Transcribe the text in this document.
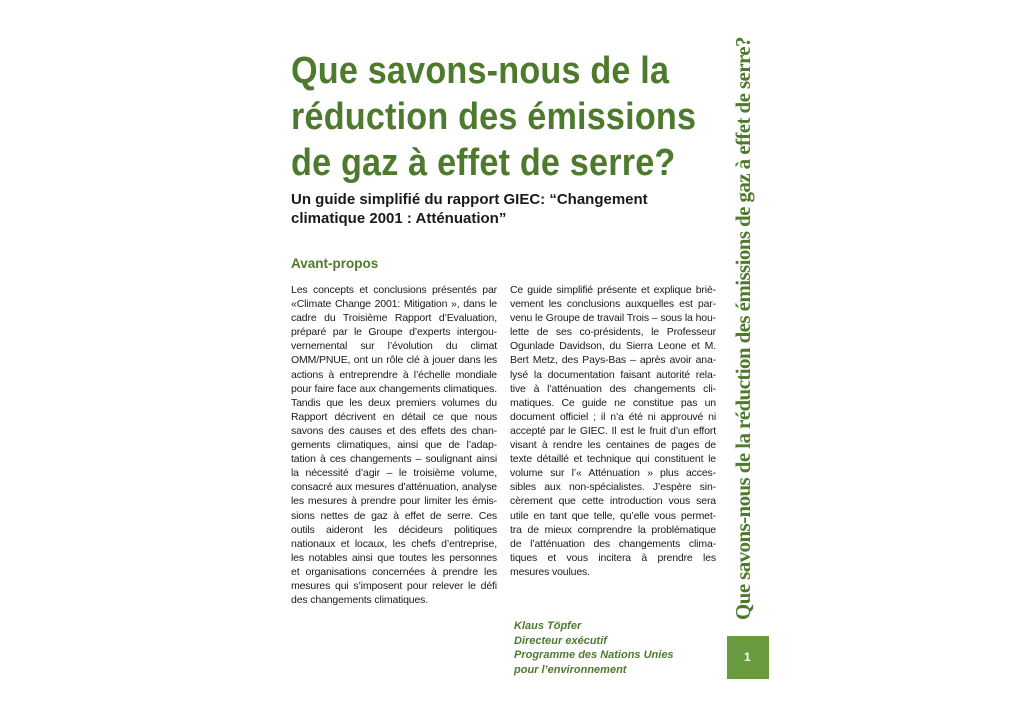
Que savons-nous de la
réduction des émissions
de gaz à effet de serre?
Un guide simplifié du rapport GIEC: “Changement
climatique 2001 : Atténuation”
Avant-propos
Les concepts et conclusions présentés par
«Climate Change 2001: Mitigation », dans le
cadre du Troisième Rapport d’Evaluation,
préparé par le Groupe d’experts intergou-
vernemental sur l’évolution du climat
OMM/PNUE, ont un rôle clé à jouer dans les
actions à entreprendre à l’échelle mondiale
pour faire face aux changements climatiques.
Tandis que les deux premiers volumes du
Rapport décrivent en détail ce que nous
savons des causes et des effets des chan-
gements climatiques, ainsi que de l’adap-
tation à ces changements – soulignant ainsi
la nécessité d’agir – le troisième volume,
consacré aux mesures d’atténuation, analyse
les mesures à prendre pour limiter les émis-
sions nettes de gaz à effet de serre. Ces
outils aideront les décideurs politiques
nationaux et locaux, les chefs d’entreprise,
les notables ainsi que toutes les personnes
et organisations concernées à prendre les
mesures qui s’imposent pour relever le défi
des changements climatiques.
Ce guide simplifié présente et explique briè-
vement les conclusions auxquelles est par-
venu le Groupe de travail Trois – sous la hou-
lette de ses co-présidents, le Professeur
Ogunlade Davidson, du Sierra Leone et M.
Bert Metz, des Pays-Bas – après avoir ana-
lysé la documentation faisant autorité rela-
tive à l’atténuation des changements cli-
matiques. Ce guide ne constitue pas un
document officiel ; il n’a été ni approuvé ni
accepté par le GIEC. Il est le fruit d’un effort
visant à rendre les centaines de pages de
texte détaillé et technique qui constituent le
volume sur l’« Atténuation » plus acces-
sibles aux non-spécialistes. J’espère sin-
cèrement que cette introduction vous sera
utile en tant que telle, qu’elle vous permet-
tra de mieux comprendre la problématique
de l’atténuation des changements clima-
tiques et vous incitera à prendre les
mesures voulues.
Klaus Töpfer
Directeur exécutif
Programme des Nations Unies
pour l’environnement
Que savons-nous de la réduction des émissions de gaz à effet de serre?
1
